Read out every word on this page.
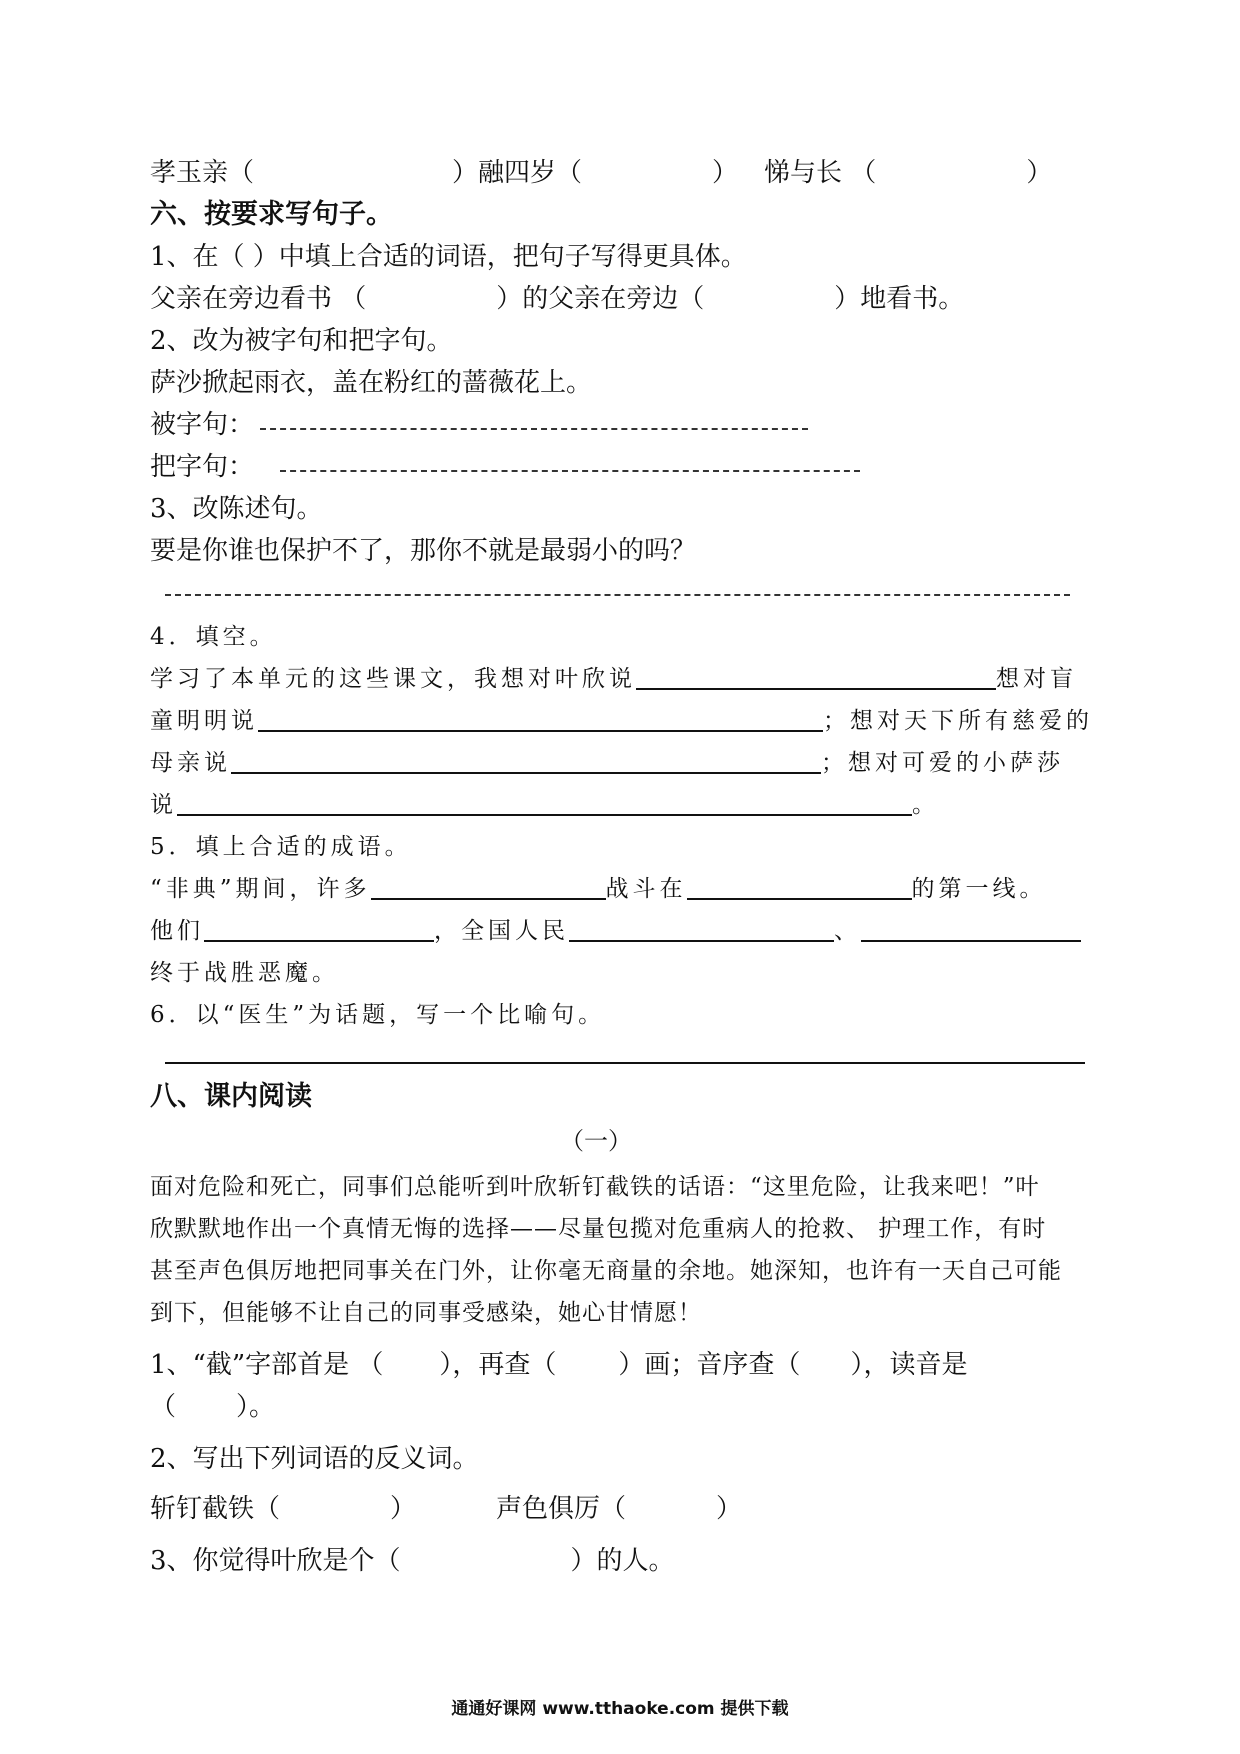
孝玉亲（	）融四岁（	） 悌与长 （	）
六、按要求写句子。
1、在（ ）中填上合适的词语，把句子写得更具体。
父亲在旁边看书 （	）的父亲在旁边（	）地看书。
2、改为被字句和把字句。
萨沙掀起雨衣，盖在粉红的蔷薇花上。
被字句：
把字句：
3、改陈述句。
要是你谁也保护不了，那你不就是最弱小的吗？
4．填空。
学习了本单元的这些课文，我想对叶欣说	想对盲
童明明说	；想对天下所有慈爱的
母亲说	；想对可爱的小萨莎
说	。
5．填上合适的成语。
“非典”期间，许多	战斗在	的第一线。
他们	，全国人民	、
终于战胜恶魔。
6．以“医生”为话题，写一个比喻句。
八、课内阅读
（一）
面对危险和死亡，同事们总能听到叶欣斩钉截铁的话语：“这里危险，让我来吧！”叶
欣默默地作出一个真情无悔的选择——尽量包揽对危重病人的抢救、 护理工作，有时
甚至声色俱厉地把同事关在门外，让你毫无商量的余地。她深知，也许有一天自己可能
到下，但能够不让自己的同事受感染，她心甘情愿！
1、“截”字部首是 （ ），再查（ ）画；音序查（ ），读音是
（ ）。
2、写出下列词语的反义词。
斩钉截铁（	）	声色俱厉（	）
3、你觉得叶欣是个（	）的人。
通通好课网 www.tthaoke.com 提供下载
